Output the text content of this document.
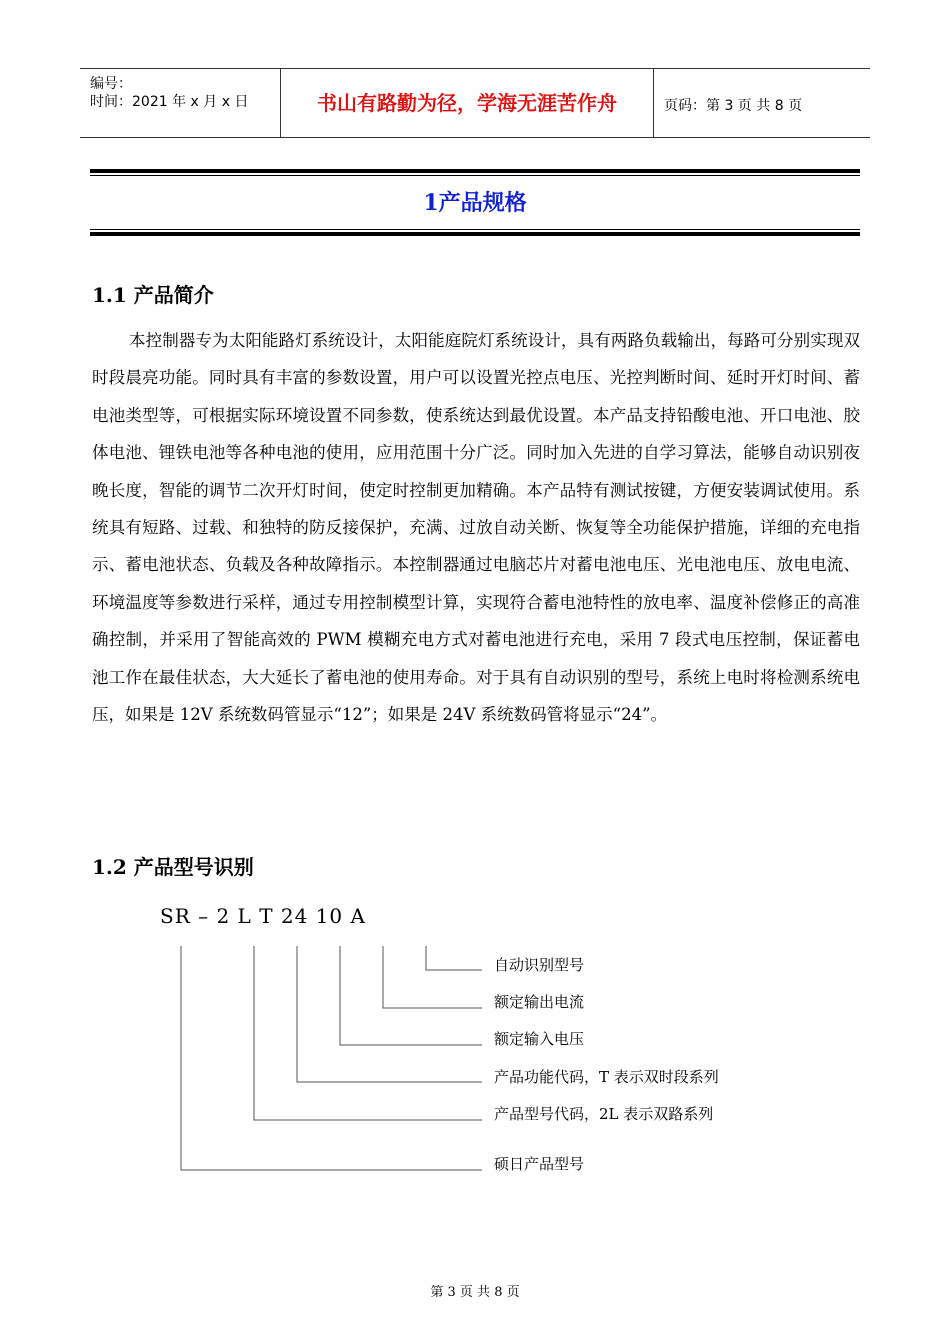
编号：
时间：2021 年 x 月 x 日	书山有路勤为径，学海无涯苦作舟	页码：第 3 页 共 8 页
1产品规格
1.1 产品简介

本控制器专为太阳能路灯系统设计，太阳能庭院灯系统设计，具有两路负载输出，每路可分别实现双时段晨亮功能。同时具有丰富的参数设置，用户可以设置光控点电压、光控判断时间、延时开灯时间、蓄电池类型等，可根据实际环境设置不同参数，使系统达到最优设置。本产品支持铅酸电池、开口电池、胶体电池、锂铁电池等各种电池的使用，应用范围十分广泛。同时加入先进的自学习算法，能够自动识别夜晚长度，智能的调节二次开灯时间，使定时控制更加精确。本产品特有测试按键，方便安装调试使用。系统具有短路、过载、和独特的防反接保护，充满、过放自动关断、恢复等全功能保护措施，详细的充电指示、蓄电池状态、负载及各种故障指示。本控制器通过电脑芯片对蓄电池电压、光电池电压、放电电流、环境温度等参数进行采样，通过专用控制模型计算，实现符合蓄电池特性的放电率、温度补偿修正的高准确控制，并采用了智能高效的 PWM 模糊充电方式对蓄电池进行充电，采用 7 段式电压控制，保证蓄电池工作在最佳状态，大大延长了蓄电池的使用寿命。对于具有自动识别的型号，系统上电时将检测系统电压，如果是 12V 系统数码管显示“12”；如果是 24V 系统数码管将显示“24”。

1.2 产品型号识别
SR – 2 L T 24 10 A
自动识别型号
额定输出电流
额定输入电压
产品功能代码，T 表示双时段系列
产品型号代码，2L 表示双路系列
硕日产品型号
第 3 页 共 8 页
